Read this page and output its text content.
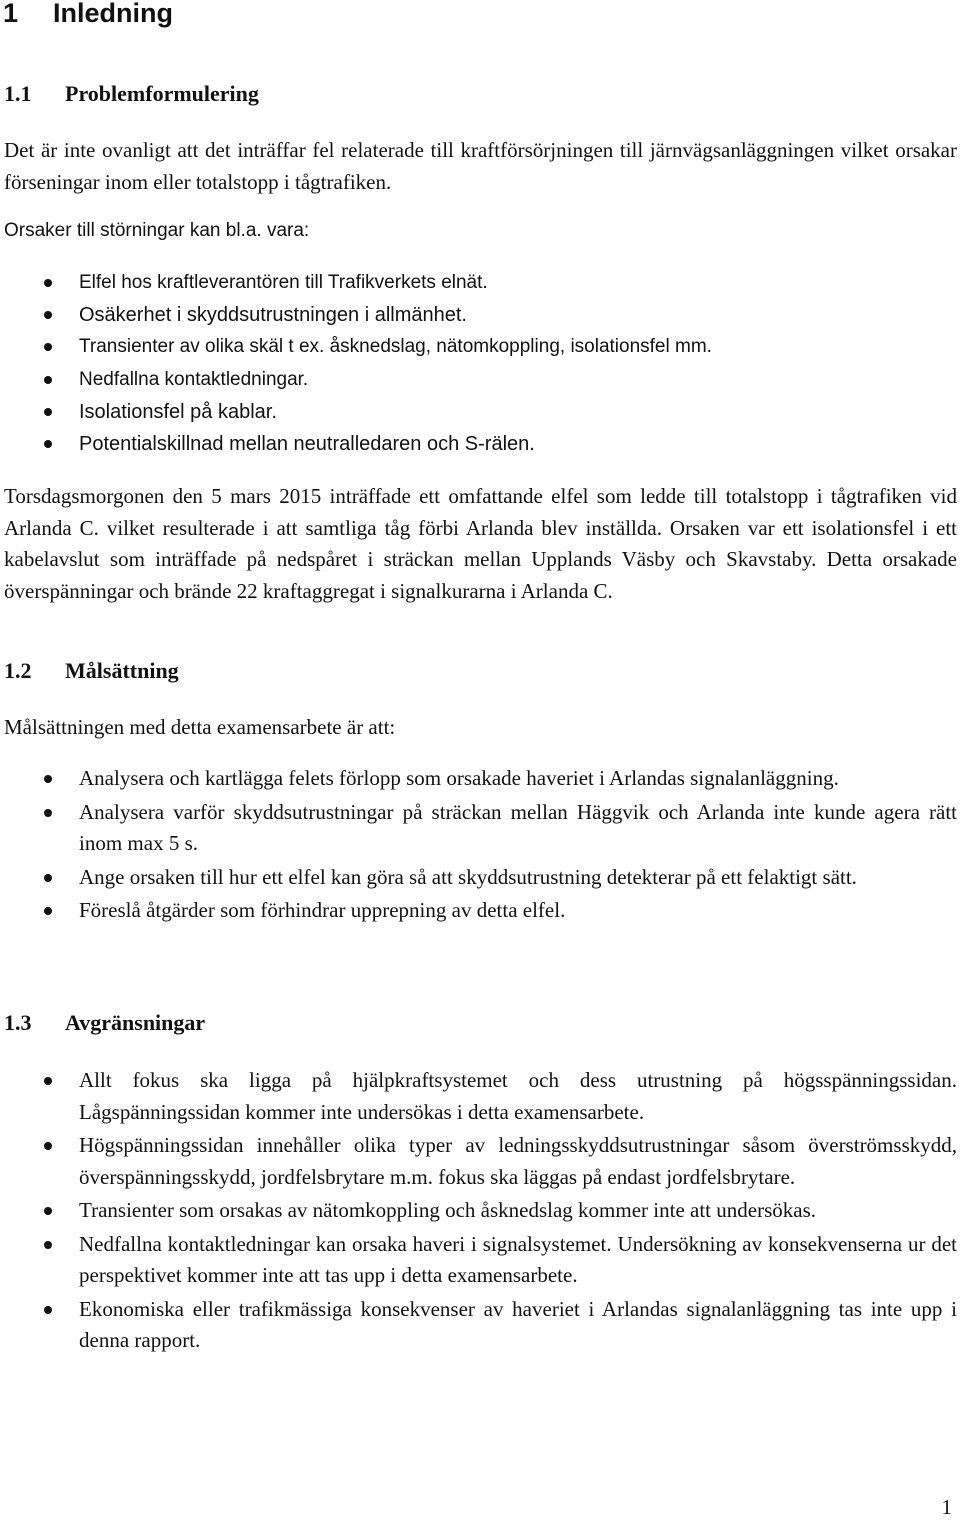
1 Inledning
1.1 Problemformulering

Det är inte ovanligt att det inträffar fel relaterade till kraftförsörjningen till järnvägsanläggningen vilket orsakar förseningar inom eller totalstopp i tågtrafiken.

Orsaker till störningar kan bl.a. vara:
Elfel hos kraftleverantören till Trafikverkets elnät.
Osäkerhet i skyddsutrustningen i allmänhet.
Transienter av olika skäl t ex. åsknedslag, nätomkoppling, isolationsfel mm.
Nedfallna kontaktledningar.
Isolationsfel på kablar.
Potentialskillnad mellan neutralledaren och S-rälen.

Torsdagsmorgonen den 5 mars 2015 inträffade ett omfattande elfel som ledde till totalstopp i tågtrafiken vid Arlanda C. vilket resulterade i att samtliga tåg förbi Arlanda blev inställda. Orsaken var ett isolationsfel i ett kabelavslut som inträffade på nedspåret i sträckan mellan Upplands Väsby och Skavstaby. Detta orsakade överspänningar och brände 22 kraftaggregat i signalkurarna i Arlanda C.

1.2 Målsättning

Målsättningen med detta examensarbete är att:

Analysera och kartlägga felets förlopp som orsakade haveriet i Arlandas signalanläggning.
Analysera varför skyddsutrustningar på sträckan mellan Häggvik och Arlanda inte kunde agera rätt inom max 5 s.
Ange orsaken till hur ett elfel kan göra så att skyddsutrustning detekterar på ett felaktigt sätt.
Föreslå åtgärder som förhindrar upprepning av detta elfel.
1.3 Avgränsningar
Allt fokus ska ligga på hjälpkraftsystemet och dess utrustning på högsspänningssidan. Lågspänningssidan kommer inte undersökas i detta examensarbete.
Högspänningssidan innehåller olika typer av ledningsskyddsutrustningar såsom överströmsskydd, överspänningsskydd, jordfelsbrytare m.m. fokus ska läggas på endast jordfelsbrytare.
Transienter som orsakas av nätomkoppling och åsknedslag kommer inte att undersökas.
Nedfallna kontaktledningar kan orsaka haveri i signalsystemet. Undersökning av konsekvenserna ur det perspektivet kommer inte att tas upp i detta examensarbete.
Ekonomiska eller trafikmässiga konsekvenser av haveriet i Arlandas signalanläggning tas inte upp i denna rapport.
1
